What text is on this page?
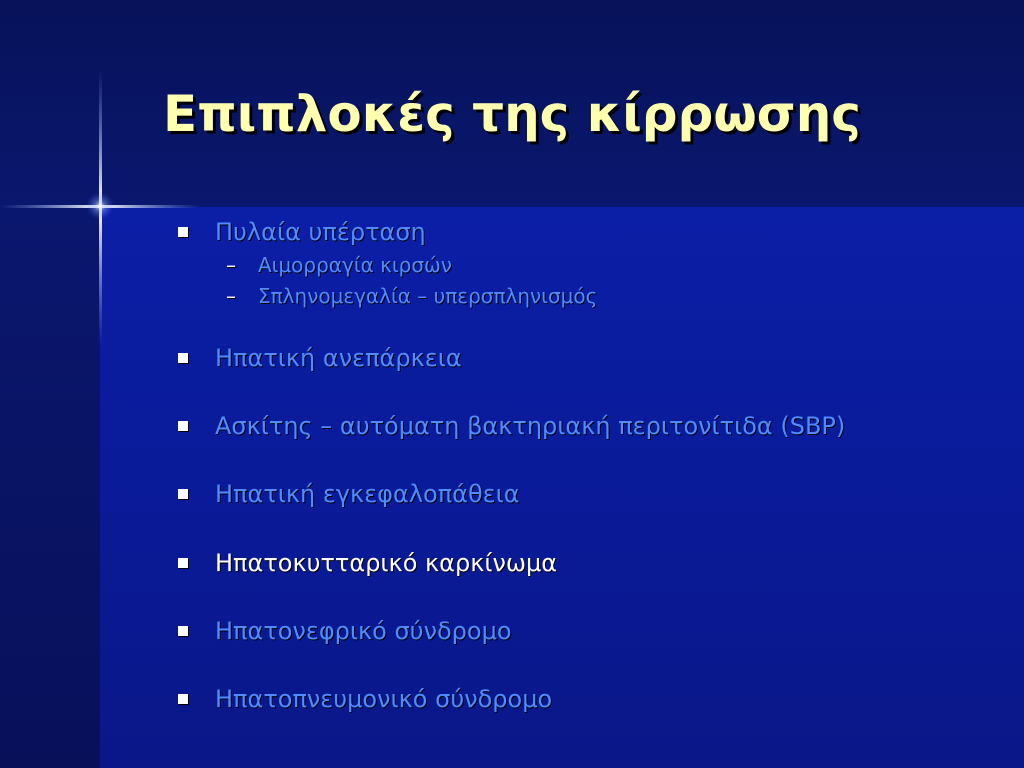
Επιπλοκές της κίρρωσης
Πυλαία υπέρταση
–	Αιμορραγία κιρσών
–	Σπληνομεγαλία – υπερσπληνισμός
Ηπατική ανεπάρκεια
Ασκίτης – αυτόματη βακτηριακή περιτονίτιδα (SBP)
Ηπατική εγκεφαλοπάθεια
Ηπατοκυτταρικό καρκίνωμα
Ηπατονεφρικό σύνδρομο
Ηπατοπνευμονικό σύνδρομο
